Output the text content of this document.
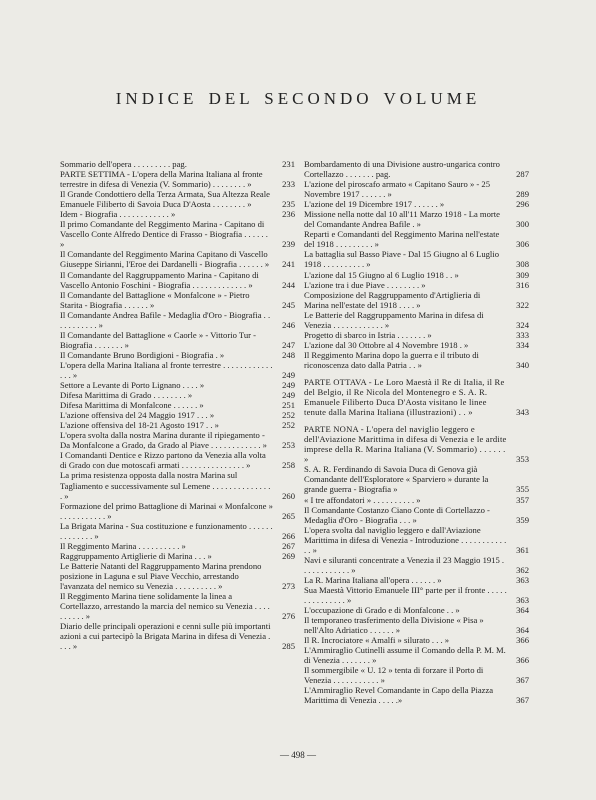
INDICE DEL SECONDO VOLUME
Sommario dell'opera . . . . . . . . . pag.	231
PARTE SETTIMA - L'opera della Marina Italiana al fronte terrestre in difesa di Venezia (V. Sommario) . . . . . . . . »	233
Il Grande Condottiero della Terza Armata, Sua Altezza Reale Emanuele Filiberto di Savoia Duca D'Aosta . . . . . . . . »	235
Idem - Biografia . . . . . . . . . . . . »	236
Il primo Comandante del Reggimento Marina - Capitano di Vascello Conte Alfredo Dentice di Frasso - Biografia . . . . . . »	239
Il Comandante del Reggimento Marina Capitano di Vascello Giuseppe Sirianni, l'Eroe dei Dardanelli - Biografia . . . . . . »	241
Il Comandante del Raggruppamento Marina - Capitano di Vascello Antonio Foschini - Biografia . . . . . . . . . . . . . »	244
Il Comandante del Battaglione « Monfalcone » - Pietro Starita - Biografia . . . . . . »	245
Il Comandante Andrea Bafile - Medaglia d'Oro - Biografia . . . . . . . . . . . »	246
Il Comandante del Battaglione « Caorle » - Vittorio Tur - Biografia . . . . . . . »	247
Il Comandante Bruno Bordigioni - Biografia . »	248
L'opera della Marina Italiana al fronte terrestre . . . . . . . . . . . . . . . »	249
Settore a Levante di Porto Lignano . . . . »	249
Difesa Marittima di Grado . . . . . . . . »	249
Difesa Marittima di Monfalcone . . . . . . »	251
L'azione offensiva del 24 Maggio 1917 . . . »	252
L'azione offensiva del 18-21 Agosto 1917 . . »	252
L'opera svolta dalla nostra Marina durante il ripiegamento - Da Monfalcone a Grado, da Grado al Piave . . . . . . . . . . . . »	253
I Comandanti Dentice e Rizzo partono da Venezia alla volta di Grado con due motoscafi armati . . . . . . . . . . . . . . . »	258
La prima resistenza opposta dalla nostra Marina sul Tagliamento e successivamente sul Lemene . . . . . . . . . . . . . . . »	260
Formazione del primo Battaglione di Marinai « Monfalcone » . . . . . . . . . . . »	265
La Brigata Marina - Sua costituzione e funzionamento . . . . . . . . . . . . . . »	266
Il Reggimento Marina . . . . . . . . . . »	267
Raggruppamento Artiglierie di Marina . . . »	269
Le Batterie Natanti del Raggruppamento Marina prendono posizione in Laguna e sul Piave Vecchio, arrestando l'avanzata del nemico su Venezia . . . . . . . . . . »	273
Il Reggimento Marina tiene solidamente la linea a Cortellazzo, arrestando la marcia del nemico su Venezia . . . . . . . . . . »	276
Diario delle principali operazioni e cenni sulle più importanti azioni a cui partecipò la Brigata Marina in difesa di Venezia . . . . »	285
Bombardamento di una Divisione austro-ungarica contro Cortellazzo . . . . . . . pag.	287
L'azione del piroscafo armato « Capitano Sauro » - 25 Novembre 1917 . . . . . . »	289
L'azione del 19 Dicembre 1917 . . . . . . »	296
Missione nella notte dal 10 all'11 Marzo 1918 - La morte del Comandante Andrea Bafile . »	300
Reparti e Comandanti del Reggimento Marina nell'estate del 1918 . . . . . . . . . »	306
La battaglia sul Basso Piave - Dal 15 Giugno al 6 Luglio 1918 . . . . . . . . . . »	308
L'azione dal 15 Giugno al 6 Luglio 1918 . . »	309
L'azione tra i due Piave . . . . . . . . »	316
Composizione del Raggruppamento d'Artiglieria di Marina nell'estate del 1918 . . . . »	322
Le Batterie del Raggruppamento Marina in difesa di Venezia . . . . . . . . . . . . »	324
Progetto di sbarco in Istria . . . . . . . »	333
L'azione dal 30 Ottobre al 4 Novembre 1918 . »	334
Il Reggimento Marina dopo la guerra e il tributo di riconoscenza dato dalla Patria . . »	340
PARTE OTTAVA - Le Loro Maestà il Re di Italia, il Re del Belgio, il Re Nicola del Montenegro e S. A. R. Emanuele Filiberto Duca D'Aosta visitano le linee tenute dalla Marina Italiana (illustrazioni) . . »	343
PARTE NONA - L'opera del naviglio leggero e dell'Aviazione Marittima in difesa di Venezia e le ardite imprese della R. Marina Italiana (V. Sommario) . . . . . . »	353
S. A. R. Ferdinando di Savoia Duca di Genova già Comandante dell'Esploratore « Sparviero » durante la grande guerra - Biografia »	355
« I tre affondatori » . . . . . . . . . . »	357
Il Comandante Costanzo Ciano Conte di Cortellazzo - Medaglia d'Oro - Biografia . . . »	359
L'opera svolta dal naviglio leggero e dall'Aviazione Marittima in difesa di Venezia - Introduzione . . . . . . . . . . . . . »	361
Navi e siluranti concentrate a Venezia il 23 Maggio 1915 . . . . . . . . . . . . »	362
La R. Marina Italiana all'opera . . . . . . »	363
Sua Maestà Vittorio Emanuele III° parte per il fronte . . . . . . . . . . . . . . . »	363
L'occupazione di Grado e di Monfalcone . . »	364
Il temporaneo trasferimento della Divisione « Pisa » nell'Alto Adriatico . . . . . . »	364
Il R. Incrociatore « Amalfi » silurato . . . »	366
L'Ammiraglio Cutinelli assume il Comando della P. M. M. di Venezia . . . . . . . »	366
Il sommergibile « U. 12 » tenta di forzare il Porto di Venezia . . . . . . . . . . . »	367
L'Ammiraglio Revel Comandante in Capo della Piazza Marittima di Venezia . . . . .»	367
— 498 —
